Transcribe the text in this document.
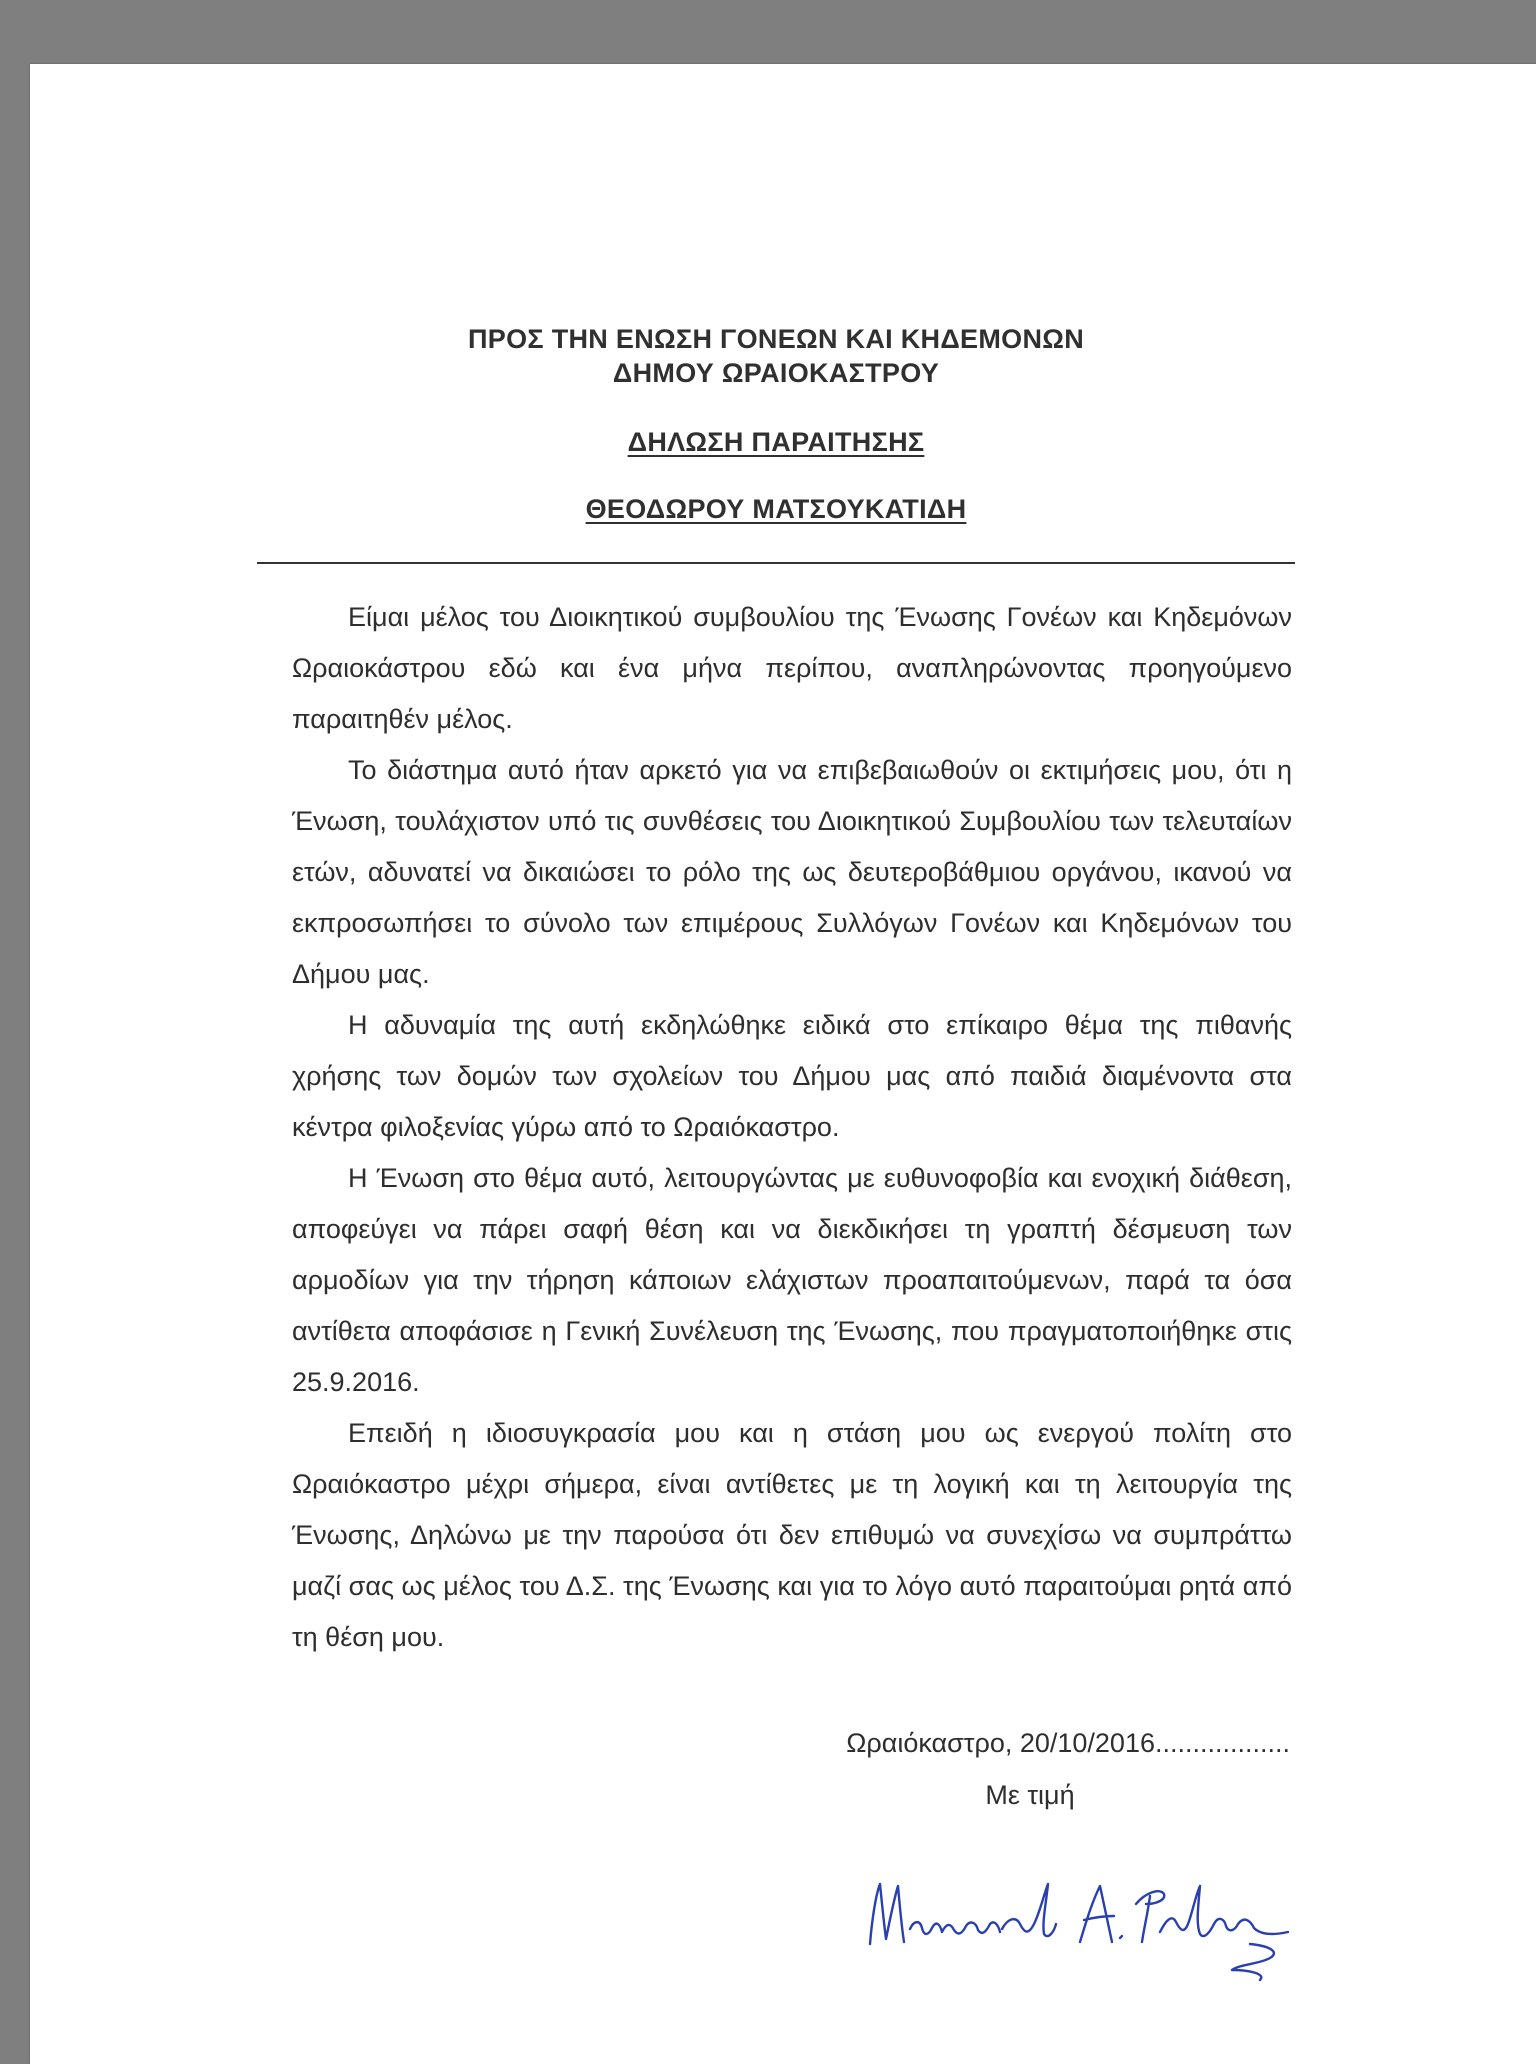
ΠΡΟΣ ΤΗΝ ΕΝΩΣΗ ΓΟΝΕΩΝ ΚΑΙ ΚΗΔΕΜΟΝΩΝ
ΔΗΜΟΥ ΩΡΑΙΟΚΑΣΤΡΟΥ
ΔΗΛΩΣΗ ΠΑΡΑΙΤΗΣΗΣ
ΘΕΟΔΩΡΟΥ ΜΑΤΣΟΥΚΑΤΙΔΗ

Είμαι μέλος του Διοικητικού συμβουλίου της Ένωσης Γονέων και Κηδεμόνων Ωραιοκάστρου εδώ και ένα μήνα περίπου, αναπληρώνοντας προηγούμενο παραιτηθέν μέλος.

Το διάστημα αυτό ήταν αρκετό για να επιβεβαιωθούν οι εκτιμήσεις μου, ότι η Ένωση, τουλάχιστον υπό τις συνθέσεις του Διοικητικού Συμβουλίου των τελευταίων ετών, αδυνατεί να δικαιώσει το ρόλο της ως δευτεροβάθμιου οργάνου, ικανού να εκπροσωπήσει το σύνολο των επιμέρους Συλλόγων Γονέων και Κηδεμόνων του Δήμου μας.

Η αδυναμία της αυτή εκδηλώθηκε ειδικά στο επίκαιρο θέμα της πιθανής χρήσης των δομών των σχολείων του Δήμου μας από παιδιά διαμένοντα στα κέντρα φιλοξενίας γύρω από το Ωραιόκαστρο.

Η Ένωση στο θέμα αυτό, λειτουργώντας με ευθυνοφοβία και ενοχική διάθεση, αποφεύγει να πάρει σαφή θέση και να διεκδικήσει τη γραπτή δέσμευση των αρμοδίων για την τήρηση κάποιων ελάχιστων προαπαιτούμενων, παρά τα όσα αντίθετα αποφάσισε η Γενική Συνέλευση της Ένωσης, που πραγματοποιήθηκε στις 25.9.2016.

Επειδή η ιδιοσυγκρασία μου και η στάση μου ως ενεργού πολίτη στο Ωραιόκαστρο μέχρι σήμερα, είναι αντίθετες με τη λογική και τη λειτουργία της Ένωσης, Δηλώνω με την παρούσα ότι δεν επιθυμώ να συνεχίσω να συμπράττω μαζί σας ως μέλος του Δ.Σ. της Ένωσης και για το λόγο αυτό παραιτούμαι ρητά από τη θέση μου.

Ωραιόκαστρο, 20/10/2016..................
Με τιμή
